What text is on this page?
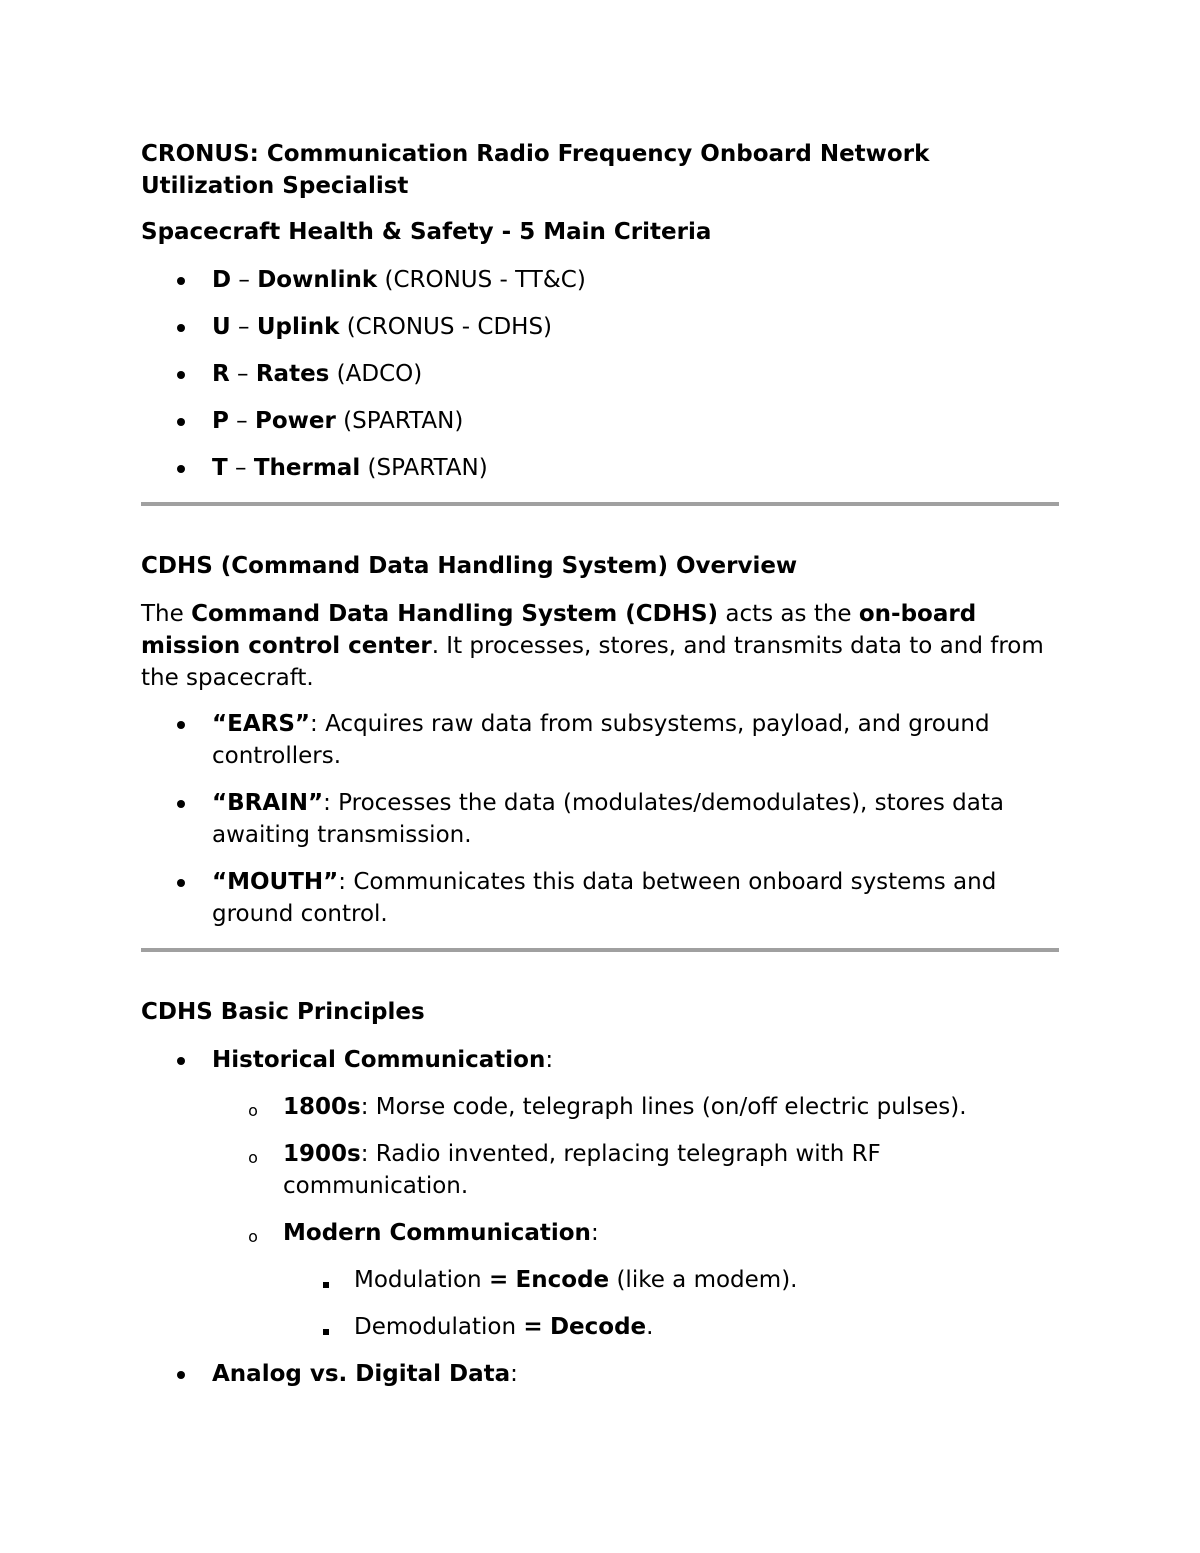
CRONUS: Communication Radio Frequency Onboard Network
Utilization Specialist
Spacecraft Health & Safety - 5 Main Criteria
D – Downlink (CRONUS - TT&C)
U – Uplink (CRONUS - CDHS)
R – Rates (ADCO)
P – Power (SPARTAN)
T – Thermal (SPARTAN)
CDHS (Command Data Handling System) Overview

The Command Data Handling System (CDHS) acts as the on-board mission control center. It processes, stores, and transmits data to and from the spacecraft.

“EARS”: Acquires raw data from subsystems, payload, and ground controllers.
“BRAIN”: Processes the data (modulates/demodulates), stores data awaiting transmission.
“MOUTH”: Communicates this data between onboard systems and ground control.
CDHS Basic Principles
Historical Communication:
o 1800s: Morse code, telegraph lines (on/off electric pulses).
o 1900s: Radio invented, replacing telegraph with RF communication.
o Modern Communication:
Modulation = Encode (like a modem).
Demodulation = Decode.
Analog vs. Digital Data:
